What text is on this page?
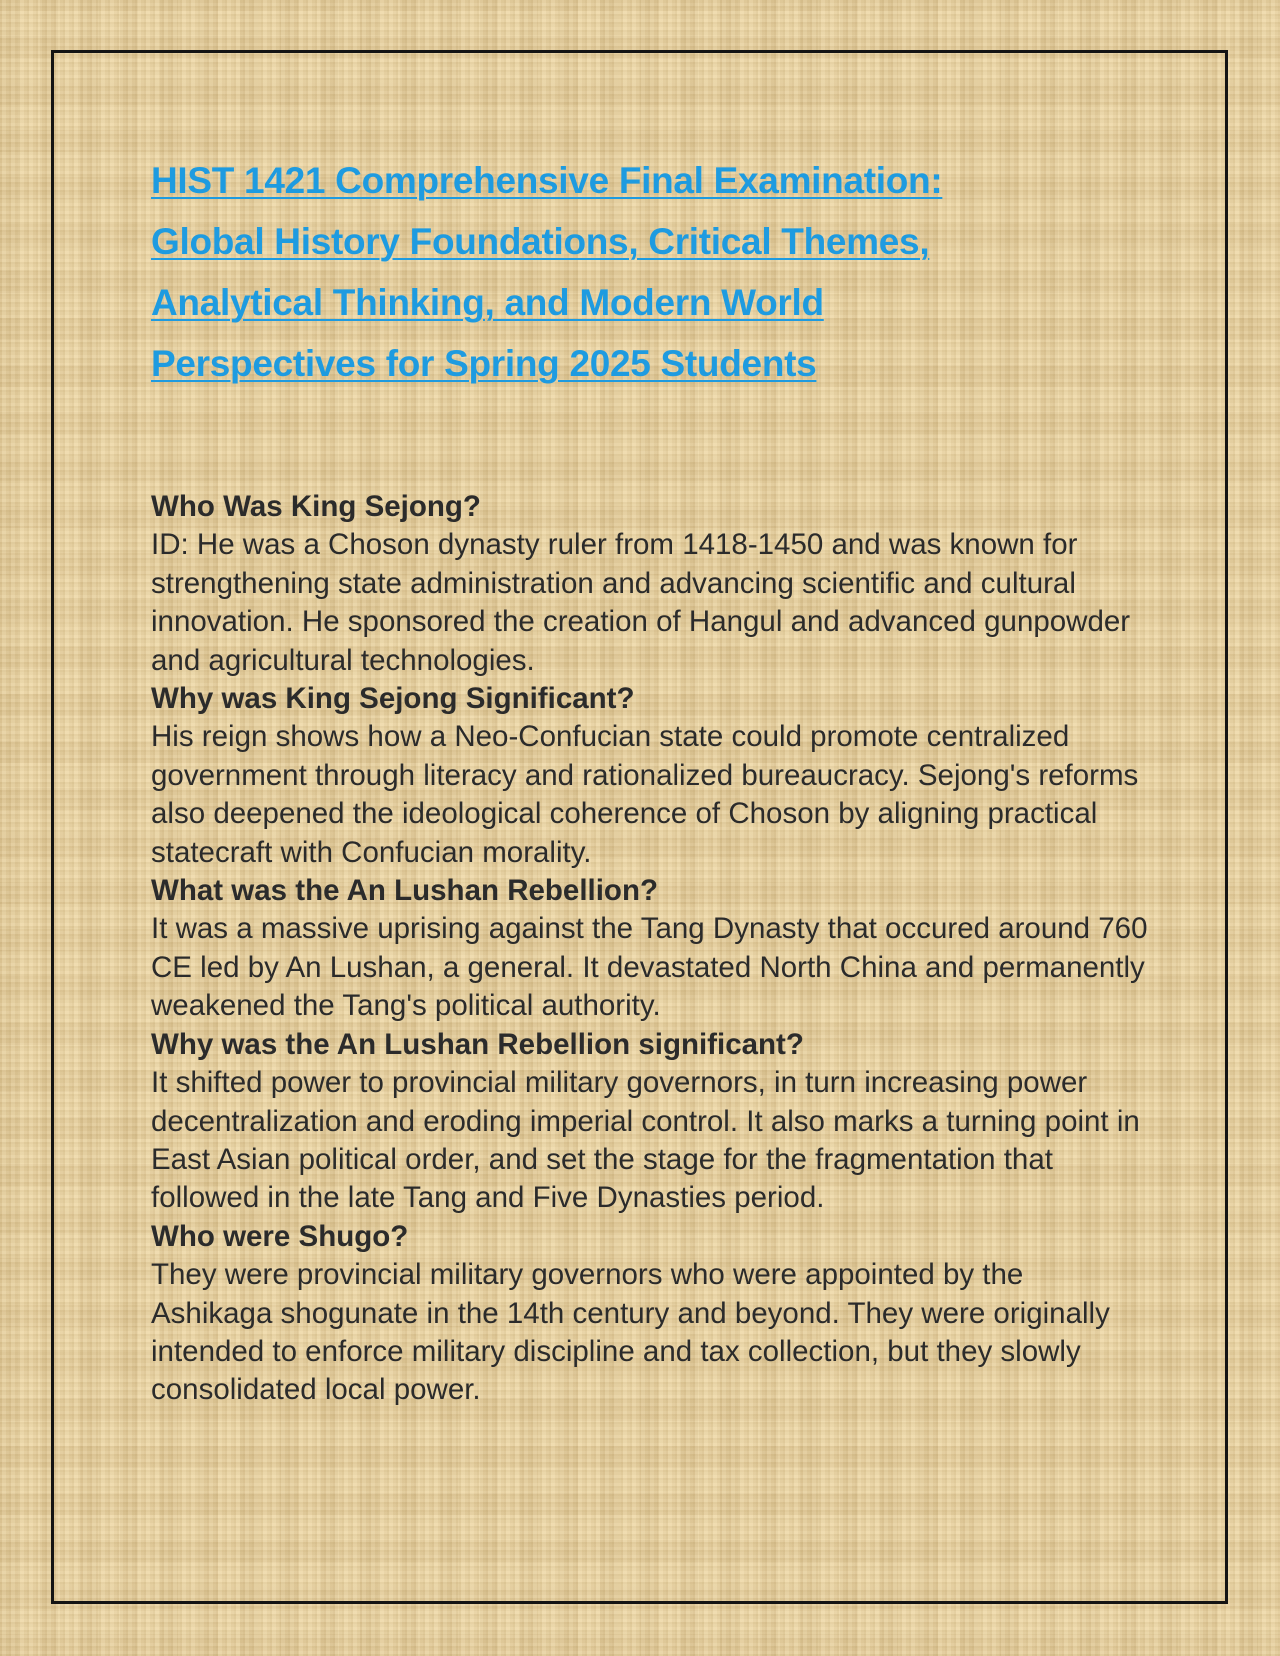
HIST 1421 Comprehensive Final Examination: Global History Foundations, Critical Themes, Analytical Thinking, and Modern World Perspectives for Spring 2025 Students

Who Was King Sejong?

ID: He was a Choson dynasty ruler from 1418-1450 and was known for strengthening state administration and advancing scientific and cultural innovation. He sponsored the creation of Hangul and advanced gunpowder and agricultural technologies.

Why was King Sejong Significant?

His reign shows how a Neo-Confucian state could promote centralized government through literacy and rationalized bureaucracy. Sejong's reforms also deepened the ideological coherence of Choson by aligning practical statecraft with Confucian morality.

What was the An Lushan Rebellion?

It was a massive uprising against the Tang Dynasty that occured around 760 CE led by An Lushan, a general. It devastated North China and permanently weakened the Tang's political authority.

Why was the An Lushan Rebellion significant?

It shifted power to provincial military governors, in turn increasing power decentralization and eroding imperial control. It also marks a turning point in East Asian political order, and set the stage for the fragmentation that followed in the late Tang and Five Dynasties period.

Who were Shugo?

They were provincial military governors who were appointed by the Ashikaga shogunate in the 14th century and beyond. They were originally intended to enforce military discipline and tax collection, but they slowly consolidated local power.
